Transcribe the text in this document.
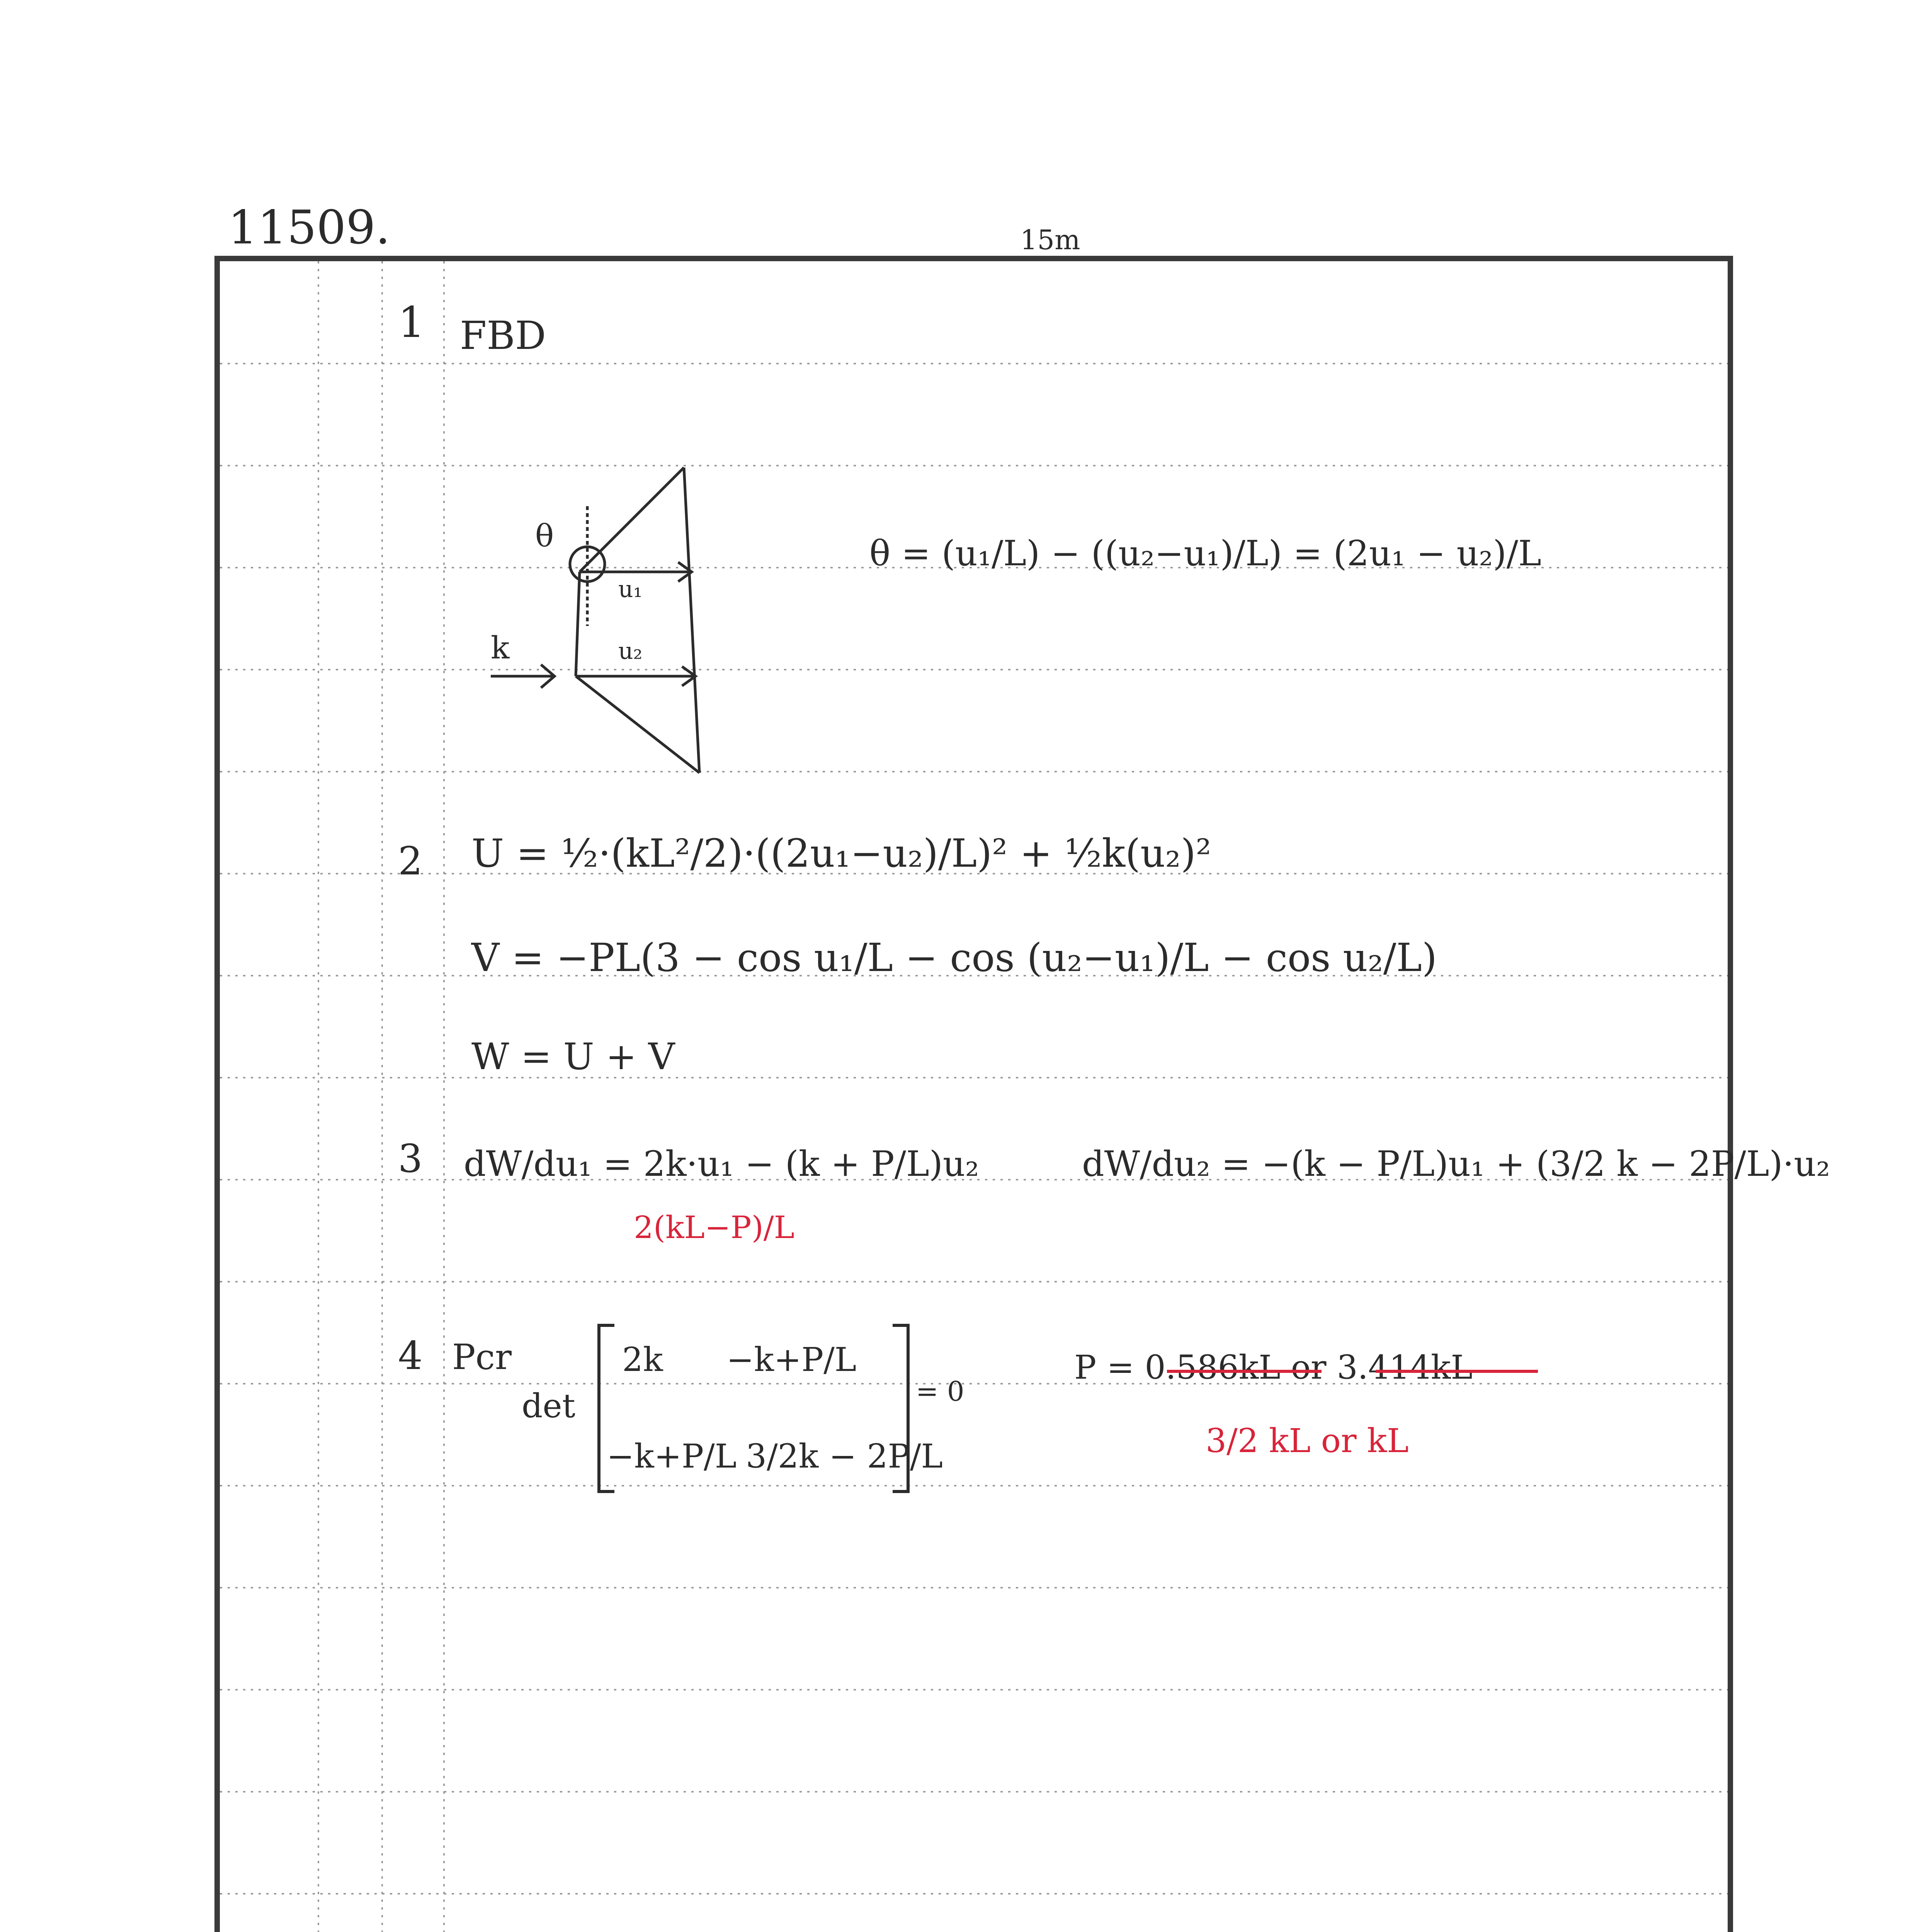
11509.	15m
1 FBD
θ
u₁
u₂
k
θ = (u₁/L) − ((u₂−u₁)/L) = (2u₁ − u₂)/L
2 U = ½·(kL²/2)·((2u₁−u₂)/L)² + ½k(u₂)²
V = −PL(3 − cos u₁/L − cos (u₂−u₁)/L − cos u₂/L)
W = U + V
3 dW/du₁ = 2k·u₁ − (k + P/L)u₂
2(kL−P)/L
dW/du₂ = −(k − P/L)u₁ + (3/2 k − 2P/L)·u₂
4 Pcr
det
2k −k+P/L
−k+P/L 3/2k − 2P/L
= 0
P = 0.586kL or 3.414kL
3/2 kL or kL
